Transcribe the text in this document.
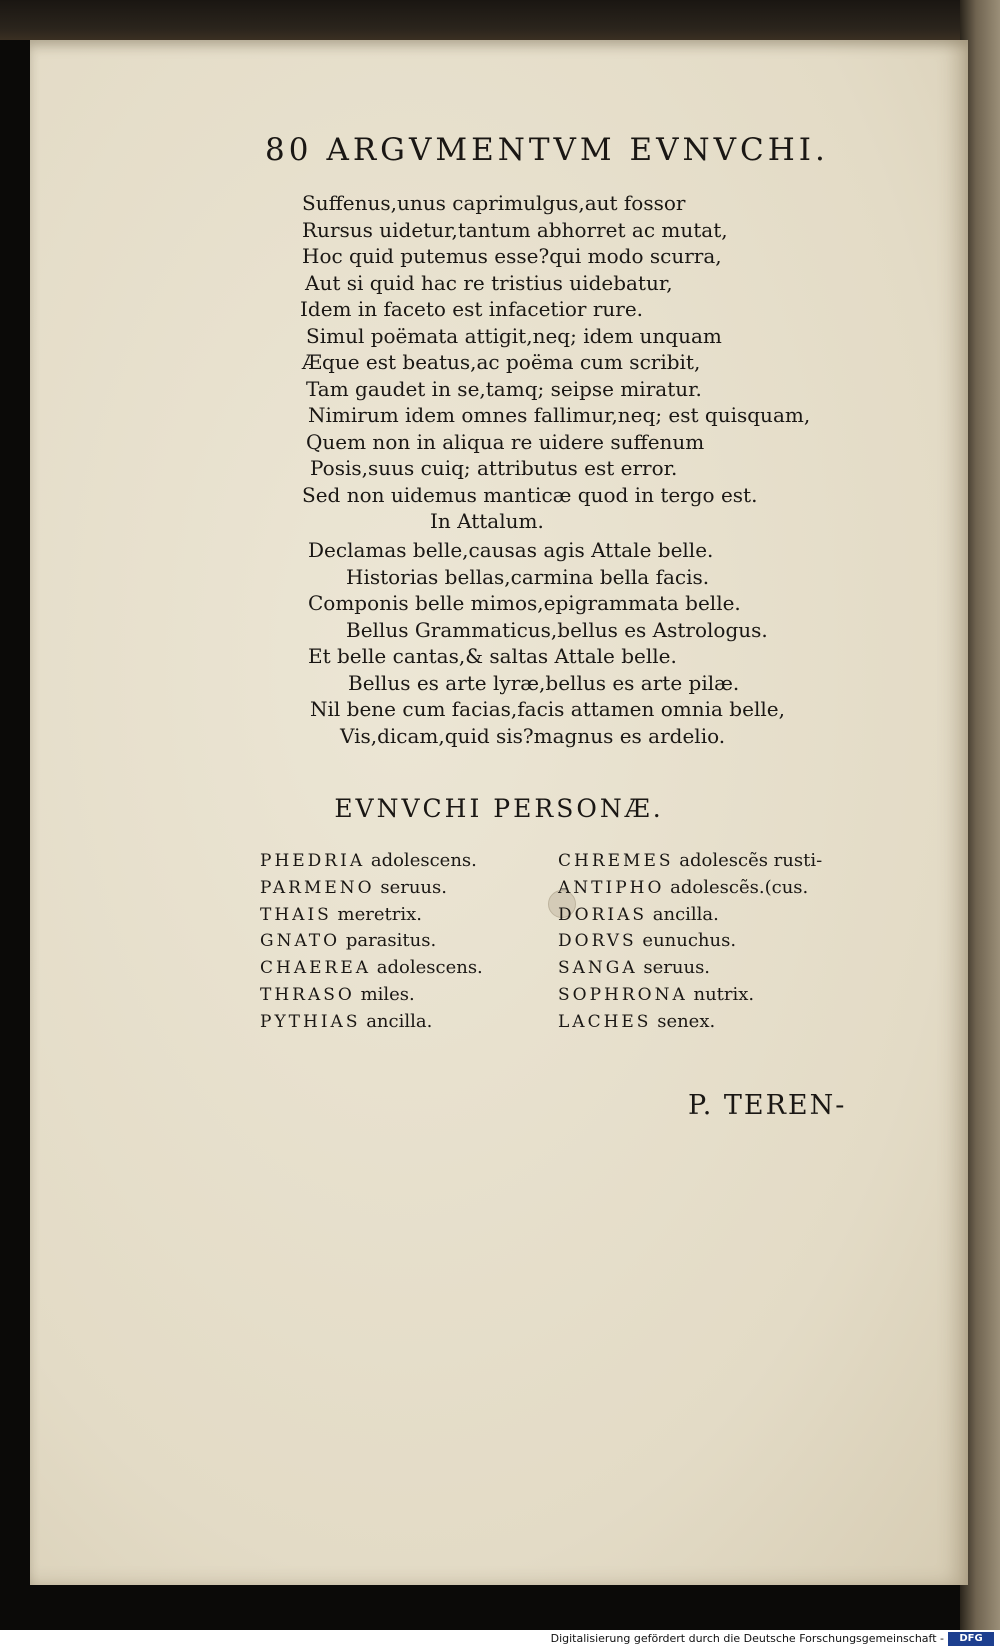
80 ARGVMENTVM EVNVCHI.
Suffenus,unus caprimulgus,aut fossor
Rursus uidetur,tantum abhorret ac mutat,
Hoc quid putemus esse?qui modo scurra,
Aut si quid hac re tristius uidebatur,
Idem in faceto est infacetior rure.
Simul poëmata attigit,neq; idem unquam
Æque est beatus,ac poëma cum scribit,
Tam gaudet in se,tamq; seipse miratur.
Nimirum idem omnes fallimur,neq; est quisquam,
Quem non in aliqua re uidere suffenum
Posis,suus cuiq; attributus est error.
Sed non uidemus manticæ quod in tergo est.
In Attalum.
Declamas belle,causas agis Attale belle.
Historias bellas,carmina bella facis.
Componis belle mimos,epigrammata belle.
Bellus Grammaticus,bellus es Astrologus.
Et belle cantas,& saltas Attale belle.
Bellus es arte lyræ,bellus es arte pilæ.
Nil bene cum facias,facis attamen omnia belle,
Vis,dicam,quid sis?magnus es ardelio.
EVNVCHI PERSONÆ.
PHEDRIA adolescens.
PARMENO seruus.
THAIS meretrix.
GNATO parasitus.
CHAEREA adolescens.
THRASO miles.
PYTHIAS ancilla.
CHREMES adolescẽs rusti-
ANTIPHO adolescẽs.(cus.
DORIAS ancilla.
DORVS eunuchus.
SANGA seruus.
SOPHRONA nutrix.
LACHES senex.
P. TEREN-
Digitalisierung gefördert durch die Deutsche Forschungsgemeinschaft -	DFG
